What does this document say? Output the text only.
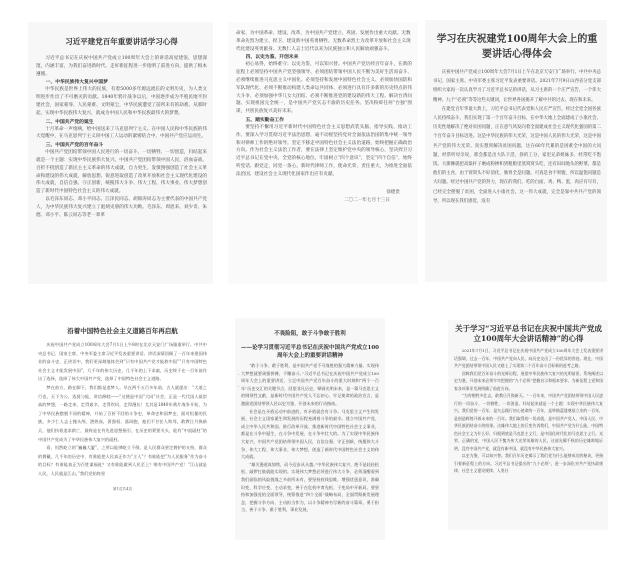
习近平建党百年重要讲话学习心得

习近平总书记在庆祝中国共产党成立100周年大会上的讲话高屋建瓴、思想深邃，内涵丰富，为我们奋进新时代、走好新征程进一步指明了前进方向、提供了根本遵循。

一、中华民族伟大复兴中国梦

中华民族是世界上伟大的民族，有着5000多年源远流长的文明历史，为人类文明进步作出了不可磨灭的贡献。1840年鸦片战争以后，中国逐步成为半殖民地半封建社会，国家蒙辱、人民蒙难、文明蒙尘，中华民族遭受了前所未有的劫难。从那时起，实现中华民族伟大复兴，就成为中国人民和中华民族最伟大的梦想。

二、中国共产党的诞生

十月革命一声炮响，给中国送来了马克思列宁主义。在中国人民和中华民族的伟大觉醒中，在马克思列宁主义同中国工人运动的紧密结合中，中国共产党应运而生。

三、中国共产党的百年奋斗

中国共产党团结带领中国人民进行的一切奋斗、一切牺牲、一切创造，归结起来就是一个主题：实现中华民族伟大复兴。中国共产党团结带领中国人民，浴血奋战、百折不挠创造了新民主主义革命的伟大成就，自力更生、发愤图强创造了社会主义革命和建设的伟大成就，解放思想、锐意进取创造了改革开放和社会主义现代化建设的伟大成就，自信自强、守正创新，统揽伟大斗争、伟大工程、伟大事业、伟大梦想创造了新时代中国特色社会主义的伟大成就。

以毛泽东同志、邓小平同志、江泽民同志、胡锦涛同志为主要代表的中国共产党人，为中华民族伟大复兴建立了彪炳史册的伟大功勋。毛泽东、周恩来、刘少奇、朱德、邓小平、陈云同志等老一辈革

命家，为中国革命、建设、改革，为中国共产党建立、巩固、发展作出重大贡献。无数革命先烈为建立、捍卫、建设新中国英勇牺牲。无数革命烈士为改革开放和社会主义现代化建设英勇献身。无数仁人志士近代以来为民族独立和人民解放顽强奋斗。

四、以史为鉴、开创未来

初心易得，始终难守；以史为鉴，可以知兴替。中国共产党历经百年奋斗，在新的征程上必须坚持中国共产党坚强领导、必须团结带领中国人民不断为美好生活而奋斗、必须继续推进马克思主义中国化、必须坚持和发展中国特色社会主义、必须加快国防和军队现代化、必须不断推动构建人类命运共同体、必须进行具有许多新的历史特点的伟大斗争、必须加强中华儿女大团结、必须不断推进党的建设新的伟大工程。解决台湾问题、实现祖国完全统一，是中国共产党矢志不渝的历史任务。坚决粉碎任何“台独”图谋，共创民族复兴美好未来。

五、踏实勤奋工作

要坚持不懈用习近平新时代中国特色社会主义思想武装头脑、指导实践、推动工作。要深入学习贯彻习近平法治思想，毫不动摇坚持党对全面依法治国的集中统一领导和对律师工作的绝对领导。坚定不移走中国特色社会主义法治道路，始终把握正确政治方向。作为社会主义法治工作者，要在法律上坚定维护党中央的领导核心，坚决捍卫习近平总书记在党中央、全党的核心地位。牢固树立“四个意识”，坚定“四个自信”，始终听党话、跟党走，同党一条心。新时代律师工作，使命光荣，责任重大，为推进全面依法治国、建设社会主义现代化国家作出应有贡献。

徐德贵
二〇二一年七月十三日
学习在庆祝建党100周年大会上的重要讲话心得体会

庆祝中国共产党成立100周年大会7月1日上午在北京天安门广场举行。中共中央总书记、国家主席、中央军委主席习近平发表重要讲话。2021年7月9日山西省分党支部组织大家再一次认真学习了习近平总书记的讲话，从习主席的一个庄严宣告、一个伟大精神、九个“必须”等等这些关键词，让世界各国揭开了解中共的过去、现在和未来。

在建党百年华诞大典上，习近平总书记代表党和人民庄严宣告，经过全党全国各族人民持续奋斗，我们实现了第一个百年奋斗目标，在中华大地上全面建成了小康社会，历史性地解决了绝对贫困问题，正在意气风发向着全面建成社会主义现代化强国的第二个百年奋斗目标迈进。这是中华民族的伟大光荣，这是中国人民的伟大光荣，这是中国共产党的伟大光荣。真实想到解决贫困问题，这在60年代累的是困难全中国的大问题，经常听母亲说，那会都是出大队干活，挣的工分，家里兄弟姐妹多，经常吃不饱饭。大街摊就把高粱秆子磨成粉掺和到粗粮里蒸窝窝头吃，还有田间地头的野菜，都是他们的主食，由于窝窝头不好消化，肠胃全是问题。可真是食不果腹，所以温饱问题是大问题。经过中国共产党的努力，现在的我们，吃的白面，鸡、鸭、蛋，肉应有尽有，已经完全摆脱了贫困，全面进入小康社会。这一伟大成就，完全是靠中共共产党的领导，所以现在我们感觉，没有

沿着中国特色社会主义道路百年再启航

庆祝中国共产党成立100周年大会7月1日上午8时在北京天安门广场隆重举行。中共中央总书记、国家主席、中央军委主席习近平发表重要讲话。讲话深情回顾了一百年来建国伟业的奋斗史，正讲话中，我们更深刻地体会到“只有中国共产党才能救中国”“只有中国特色社会主义才能发展中国”，几千年的伟大历史，几千年的上下求索，历史终于在一百年前作出了选择，选择了伟大中国共产党，选择了中国特色社会主义道路。

梦在前方，路在脚下，我们都是追梦人。早在两千五百多年前，古人就提出：“大道之行也，天下为公，选贤与能，讲信修睦——”这便是中国“大同”社会，正是一代代国人最崇高的梦想，一路走来，走得艰辛，走得坎坷，走得漫长！尤其是1840年鸦片战争开始，为了中华民族摆脱不屈的精神，开始了百折不回的斗争史，革命史和国梦史，面对恒暴的民族，多少仁人志士抛头颅、洒热血，著强权、落同胞，他们不甘任人欺辱，敢教日月换新天，他们执着追求救亡，最终是在有先进思想指引，在历史的紧要关头，能有“中流砥柱”的中国共产党成为了中华民族伟大复兴的砥柱。

看，岿然屹立的“巍巍大厦”，之所以能够屹立不倒，是人民群众坚定拥护的支持，群众的拥戴，几千年的历史中，有谁能把人民真正作为“主人”？有谁能把“为人民服务”作为奋斗的目标？有谁能真正为百姓谋福祉？又有谁能做到人民至上？唯有中国共产党！“江山就是人民，人民就是江山。”我们党始终坚

第1页共4页
不畏险阻，敢于斗争敢于胜利
——论学习贯彻习近平总书记在庆祝中国共产党成立100周年大会上的重要讲话精神

“敢于斗争、敢于胜利，是中国共产党不可战胜的强大精神力量。实现伟大梦想就要顽强拼搏、不懈奋斗。”习近平总书记在庆祝中国共产党成立100周年大会上的重要讲话，立足中国共产党百年奋斗的重大时刻和“两个一百年”历史交汇的关键节点，回望非凡历史，擘画光明未来，是一篇马克思主义的纲领性文献，是新时代中国共产党人不忘初心、牢记使命的政治宣言，是激励党团结带领人民以史为鉴、开创未来的行动指南。

社会是在矛盾运动中前进的，有矛盾就会有斗争。马克思主义产生和发展、社会主义国家诞生和发展的历程充满着斗争的艰辛。建立中国共产党、成立中华人民共和国、推行改革开放、推进新时代中国特色社会主义事业，都是在斗争中诞生、在斗争中发展、在斗争中壮大的。为了实现中华民族伟大复兴，中国共产党团结带领中国人民，自信自强、守正创新，统揽伟大斗争、伟大工程、伟大事业、伟大梦想，创造了新时代中国特色社会主义的伟大成就。

“雄关漫道真如铁，而今迈步从头越。”中华民族伟大复兴，绝不是轻轻松松、敲锣打鼓就能实现的。实现伟大梦想必须进行伟大斗争，必须清醒看到我们面临的风险挑战之多前所未有，要坚持底线思维，增强忧患意识，准确识变、科学应变、主动求变，善于在危机中育先机、于变局中开新局。要坚持和加强党的全面领导，统筹推进“四个全面”战略布局，全面贯彻新发展理念，把握斗争方向、主动担当作为，以斗争精神书写新的奋斗篇章，勇于担当、善于斗争、敢于胜利，事业发展。

·
·
关于学习“习近平总书记在庆祝中国共产党成立100周年大会讲话精神”的心得

2021年7月1日，习近平总书记在庆祝中国共产党成立100周年大会上发表重要讲话强调，过去一百年，中国共产党向人民、向历史交出了一份优异的答卷。现在，中国共产党团结带领中国人民又踏上了实现第二个百年奋斗目标新的赶考之路。

回眸我们党百年奋斗的光辉历程，展望中华民族伟大复兴的光明前景，系统阐述以史为鉴，开创未来必须牢牢把握的“九个必须”把握启示和根本要求，为新征程上党和国家各项事业发展明确了前进方向。

“为有牺牲多壮志，敢教日月换新天。”一百年来，中国共产党团结带领中国人民进行的一切奋斗、一切牺牲、一切创造，归结起来就是一个主题：实现中华民族伟大复兴。我们党的一百年，是矢志践行初心使命的一百年，是筚路蓝缕奠基立业的一百年，是创造辉煌开辟未来的一百年。我们取得的一切成就，是中国共产党人、中国人民、中华民族团结奋斗的结果。这雄伟大地上的巨变告诉我们，中国共产党为什么能，中国特色社会主义为什么好，归根到底是马克思主义行，是中国化时代化的马克思主义行。光荣、正确的党，中国人民不愧为伟大光荣英雄的人民。这部光耀千秋的历史雄辩地证明，没有中国共产党，就没有新中国，就没有中华民族伟大复兴。

以史为鉴，可以知兴替。我们百年历史揭示了我们党为什么能够成功的秘诀，更指引着新征程上的方向。习近平总书记提出的“九个必须”，进一步深化对共产党执政规律、社会主义建设规律、人类社
